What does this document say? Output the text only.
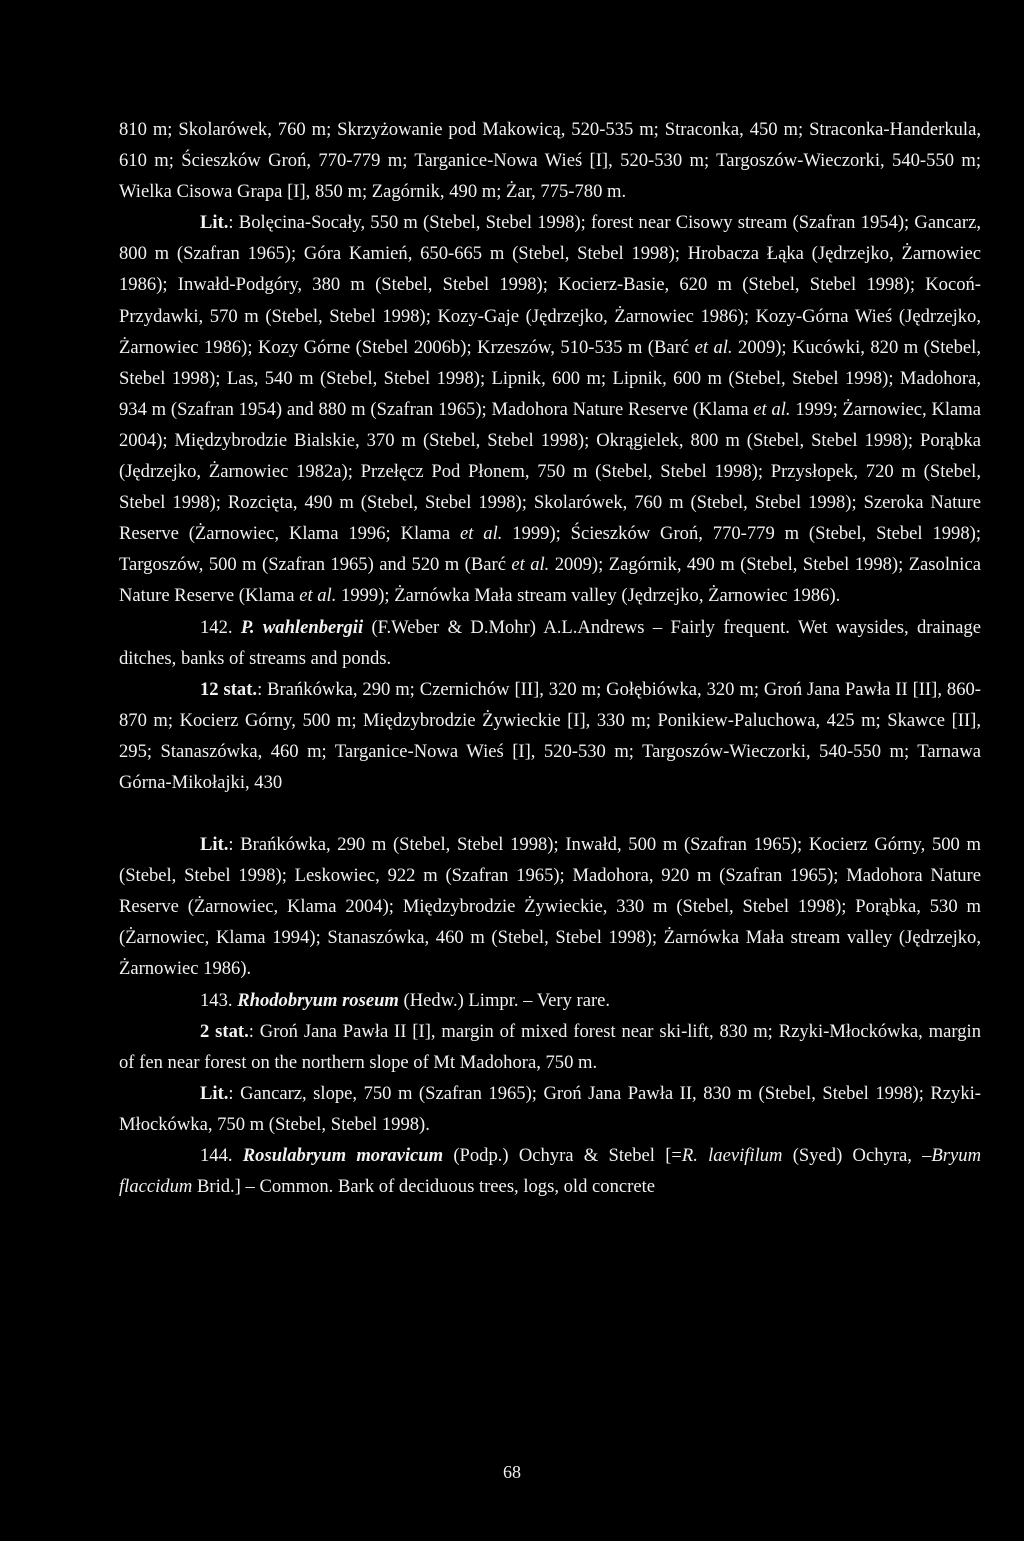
810 m; Skolarówek, 760 m; Skrzyżowanie pod Makowicą, 520-535 m; Straconka, 450 m; Straconka-Handerkula, 610 m; Ścieszków Groń, 770-779 m; Targanice-Nowa Wieś [I], 520-530 m; Targoszów-Wieczorki, 540-550 m; Wielka Cisowa Grapa [I], 850 m; Zagórnik, 490 m; Żar, 775-780 m.

Lit.: Bolęcina-Socały, 550 m (Stebel, Stebel 1998); forest near Cisowy stream (Szafran 1954); Gancarz, 800 m (Szafran 1965); Góra Kamień, 650-665 m (Stebel, Stebel 1998); Hrobacza Łąka (Jędrzejko, Żarnowiec 1986); Inwałd-Podgóry, 380 m (Stebel, Stebel 1998); Kocierz-Basie, 620 m (Stebel, Stebel 1998); Kocoń-Przydawki, 570 m (Stebel, Stebel 1998); Kozy-Gaje (Jędrzejko, Żarnowiec 1986); Kozy-Górna Wieś (Jędrzejko, Żarnowiec 1986); Kozy Górne (Stebel 2006b); Krzeszów, 510-535 m (Barć et al. 2009); Kucówki, 820 m (Stebel, Stebel 1998); Las, 540 m (Stebel, Stebel 1998); Lipnik, 600 m; Lipnik, 600 m (Stebel, Stebel 1998); Madohora, 934 m (Szafran 1954) and 880 m (Szafran 1965); Madohora Nature Reserve (Klama et al. 1999; Żarnowiec, Klama 2004); Międzybrodzie Bialskie, 370 m (Stebel, Stebel 1998); Okrągielek, 800 m (Stebel, Stebel 1998); Porąbka (Jędrzejko, Żarnowiec 1982a); Przełęcz Pod Płonem, 750 m (Stebel, Stebel 1998); Przysłopek, 720 m (Stebel, Stebel 1998); Rozcięta, 490 m (Stebel, Stebel 1998); Skolarówek, 760 m (Stebel, Stebel 1998); Szeroka Nature Reserve (Żarnowiec, Klama 1996; Klama et al. 1999); Ścieszków Groń, 770-779 m (Stebel, Stebel 1998); Targoszów, 500 m (Szafran 1965) and 520 m (Barć et al. 2009); Zagórnik, 490 m (Stebel, Stebel 1998); Zasolnica Nature Reserve (Klama et al. 1999); Żarnówka Mała stream valley (Jędrzejko, Żarnowiec 1986).

142. P. wahlenbergii (F.Weber & D.Mohr) A.L.Andrews – Fairly frequent. Wet waysides, drainage ditches, banks of streams and ponds.

12 stat.: Brańkówka, 290 m; Czernichów [II], 320 m; Gołębiówka, 320 m; Groń Jana Pawła II [II], 860-870 m; Kocierz Górny, 500 m; Międzybrodzie Żywieckie [I], 330 m; Ponikiew-Paluchowa, 425 m; Skawce [II], 295; Stanaszówka, 460 m; Targanice-Nowa Wieś [I], 520-530 m; Targoszów-Wieczorki, 540-550 m; Tarnawa Górna-Mikołajki, 430

Lit.: Brańkówka, 290 m (Stebel, Stebel 1998); Inwałd, 500 m (Szafran 1965); Kocierz Górny, 500 m (Stebel, Stebel 1998); Leskowiec, 922 m (Szafran 1965); Madohora, 920 m (Szafran 1965); Madohora Nature Reserve (Żarnowiec, Klama 2004); Międzybrodzie Żywieckie, 330 m (Stebel, Stebel 1998); Porąbka, 530 m (Żarnowiec, Klama 1994); Stanaszówka, 460 m (Stebel, Stebel 1998); Żarnówka Mała stream valley (Jędrzejko, Żarnowiec 1986).

143. Rhodobryum roseum (Hedw.) Limpr. – Very rare.

2 stat.: Groń Jana Pawła II [I], margin of mixed forest near ski-lift, 830 m; Rzyki-Młockówka, margin of fen near forest on the northern slope of Mt Madohora, 750 m.

Lit.: Gancarz, slope, 750 m (Szafran 1965); Groń Jana Pawła II, 830 m (Stebel, Stebel 1998); Rzyki-Młockówka, 750 m (Stebel, Stebel 1998).

144. Rosulabryum moravicum (Podp.) Ochyra & Stebel [=R. laevifilum (Syed) Ochyra, –Bryum flaccidum Brid.] – Common. Bark of deciduous trees, logs, old concrete

68
